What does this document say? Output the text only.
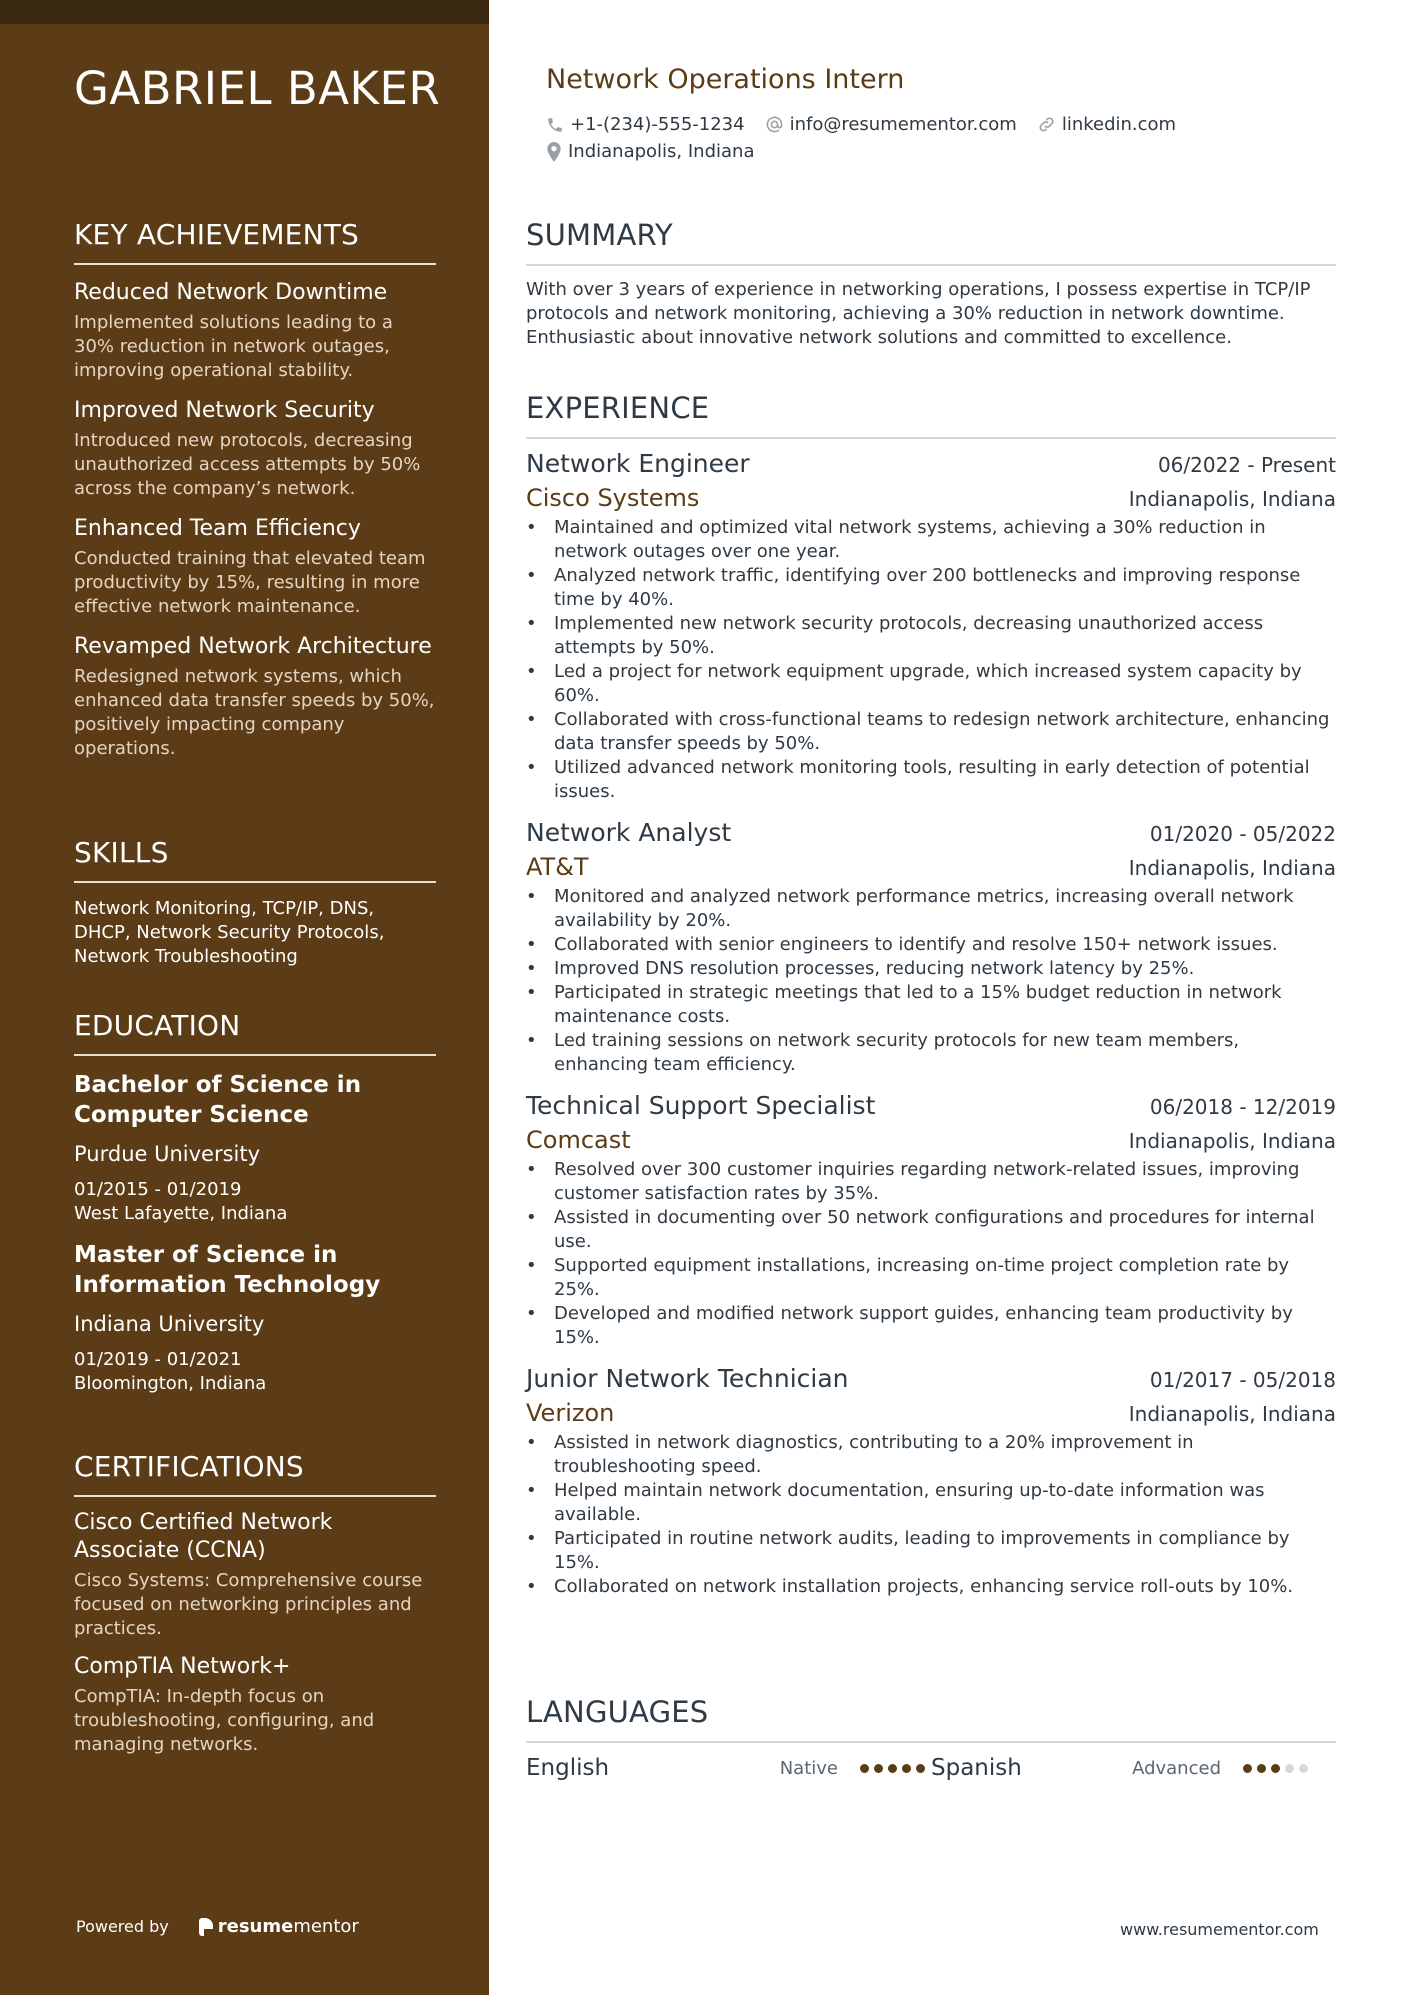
GABRIEL BAKER
KEY ACHIEVEMENTS
Reduced Network Downtime
Implemented solutions leading to a 30% reduction in network outages, improving operational stability.
Improved Network Security
Introduced new protocols, decreasing unauthorized access attempts by 50% across the company’s network.
Enhanced Team Efficiency
Conducted training that elevated team productivity by 15%, resulting in more effective network maintenance.
Revamped Network Architecture
Redesigned network systems, which enhanced data transfer speeds by 50%, positively impacting company operations.
SKILLS
Network Monitoring, TCP/IP, DNS, DHCP, Network Security Protocols, Network Troubleshooting
EDUCATION
Bachelor of Science in Computer Science
Purdue University
01/2015 - 01/2019
West Lafayette, Indiana
Master of Science in Information Technology
Indiana University
01/2019 - 01/2021
Bloomington, Indiana
CERTIFICATIONS
Cisco Certified Network Associate (CCNA)
Cisco Systems: Comprehensive course focused on networking principles and practices.
CompTIA Network+
CompTIA: In-depth focus on troubleshooting, configuring, and managing networks.
Powered by	resume mentor
Network Operations Intern
+1-(234)-555-1234	info@resumementor.com	linkedin.com
Indianapolis, Indiana
SUMMARY
With over 3 years of experience in networking operations, I possess expertise in TCP/IP protocols and network monitoring, achieving a 30% reduction in network downtime. Enthusiastic about innovative network solutions and committed to excellence.
EXPERIENCE
Network Engineer	06/2022 - Present
Cisco Systems	Indianapolis, Indiana
• Maintained and optimized vital network systems, achieving a 30% reduction in network outages over one year.
• Analyzed network traffic, identifying over 200 bottlenecks and improving response time by 40%.
• Implemented new network security protocols, decreasing unauthorized access attempts by 50%.
• Led a project for network equipment upgrade, which increased system capacity by 60%.
• Collaborated with cross-functional teams to redesign network architecture, enhancing data transfer speeds by 50%.
• Utilized advanced network monitoring tools, resulting in early detection of potential issues.
Network Analyst	01/2020 - 05/2022
AT&T	Indianapolis, Indiana
• Monitored and analyzed network performance metrics, increasing overall network availability by 20%.
• Collaborated with senior engineers to identify and resolve 150+ network issues.
• Improved DNS resolution processes, reducing network latency by 25%.
• Participated in strategic meetings that led to a 15% budget reduction in network maintenance costs.
• Led training sessions on network security protocols for new team members, enhancing team efficiency.
Technical Support Specialist	06/2018 - 12/2019
Comcast	Indianapolis, Indiana
• Resolved over 300 customer inquiries regarding network-related issues, improving customer satisfaction rates by 35%.
• Assisted in documenting over 50 network configurations and procedures for internal use.
• Supported equipment installations, increasing on-time project completion rate by 25%.
• Developed and modified network support guides, enhancing team productivity by 15%.
Junior Network Technician	01/2017 - 05/2018
Verizon	Indianapolis, Indiana
• Assisted in network diagnostics, contributing to a 20% improvement in troubleshooting speed.
• Helped maintain network documentation, ensuring up-to-date information was available.
• Participated in routine network audits, leading to improvements in compliance by 15%.
• Collaborated on network installation projects, enhancing service roll-outs by 10%.
LANGUAGES
English	Native	Spanish	Advanced
www.resumementor.com
